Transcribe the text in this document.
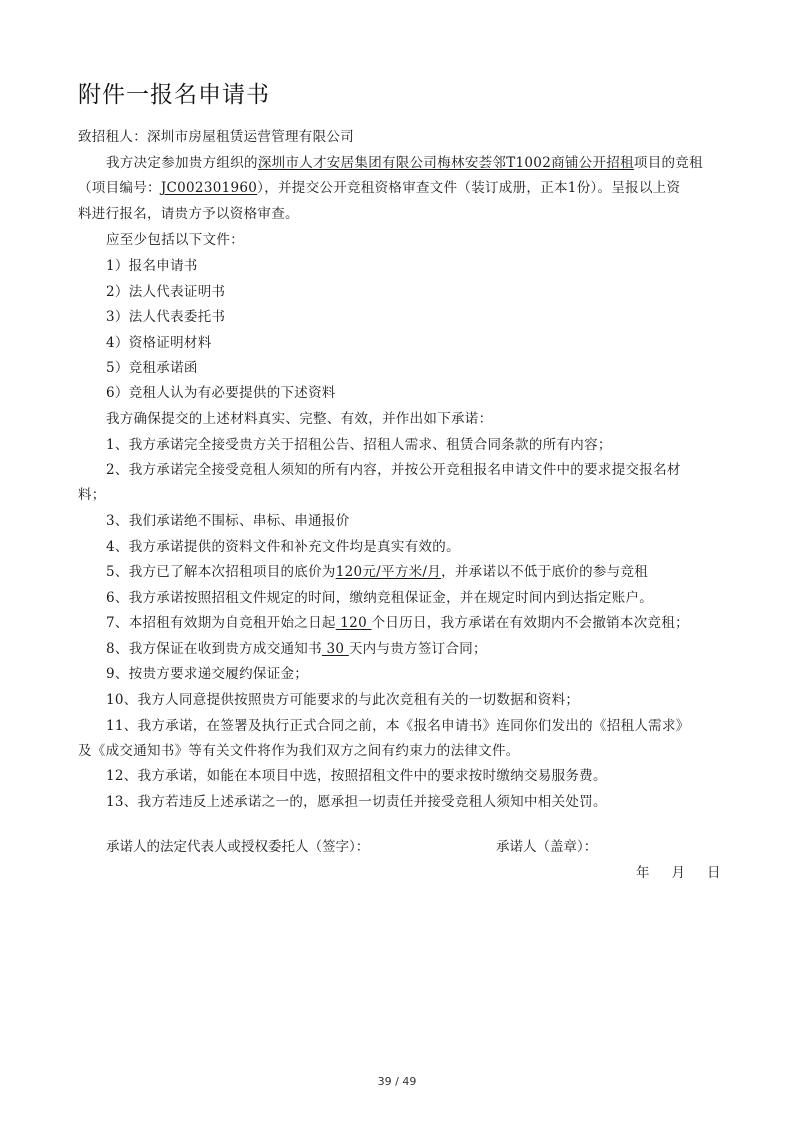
附件一报名申请书
致招租人：深圳市房屋租赁运营管理有限公司
我方决定参加贵方组织的深圳市人才安居集团有限公司梅林安荟邻T1002商铺公开招租项目的竞租
（项目编号：JC002301960），并提交公开竞租资格审查文件（装订成册，正本1份）。呈报以上资
料进行报名，请贵方予以资格审查。
应至少包括以下文件：
1）报名申请书
2）法人代表证明书
3）法人代表委托书
4）资格证明材料
5）竞租承诺函
6）竞租人认为有必要提供的下述资料
我方确保提交的上述材料真实、完整、有效，并作出如下承诺：
1、我方承诺完全接受贵方关于招租公告、招租人需求、租赁合同条款的所有内容；
2、我方承诺完全接受竞租人须知的所有内容，并按公开竞租报名申请文件中的要求提交报名材
料；
3、我们承诺绝不围标、串标、串通报价
4、我方承诺提供的资料文件和补充文件均是真实有效的。
5、我方已了解本次招租项目的底价为120元/平方米/月，并承诺以不低于底价的参与竞租
6、我方承诺按照招租文件规定的时间，缴纳竞租保证金，并在规定时间内到达指定账户。
7、本招租有效期为自竞租开始之日起 120 个日历日，我方承诺在有效期内不会撤销本次竞租；
8、我方保证在收到贵方成交通知书 30 天内与贵方签订合同；
9、按贵方要求递交履约保证金；
10、我方人同意提供按照贵方可能要求的与此次竞租有关的一切数据和资料；
11、我方承诺，在签署及执行正式合同之前，本《报名申请书》连同你们发出的《招租人需求》
及《成交通知书》等有关文件将作为我们双方之间有约束力的法律文件。
12、我方承诺，如能在本项目中选，按照招租文件中的要求按时缴纳交易服务费。
13、我方若违反上述承诺之一的，愿承担一切责任并接受竞租人须知中相关处罚。
承诺人的法定代表人或授权委托人（签字）：	承诺人（盖章）：
年 月 日
39 / 49
